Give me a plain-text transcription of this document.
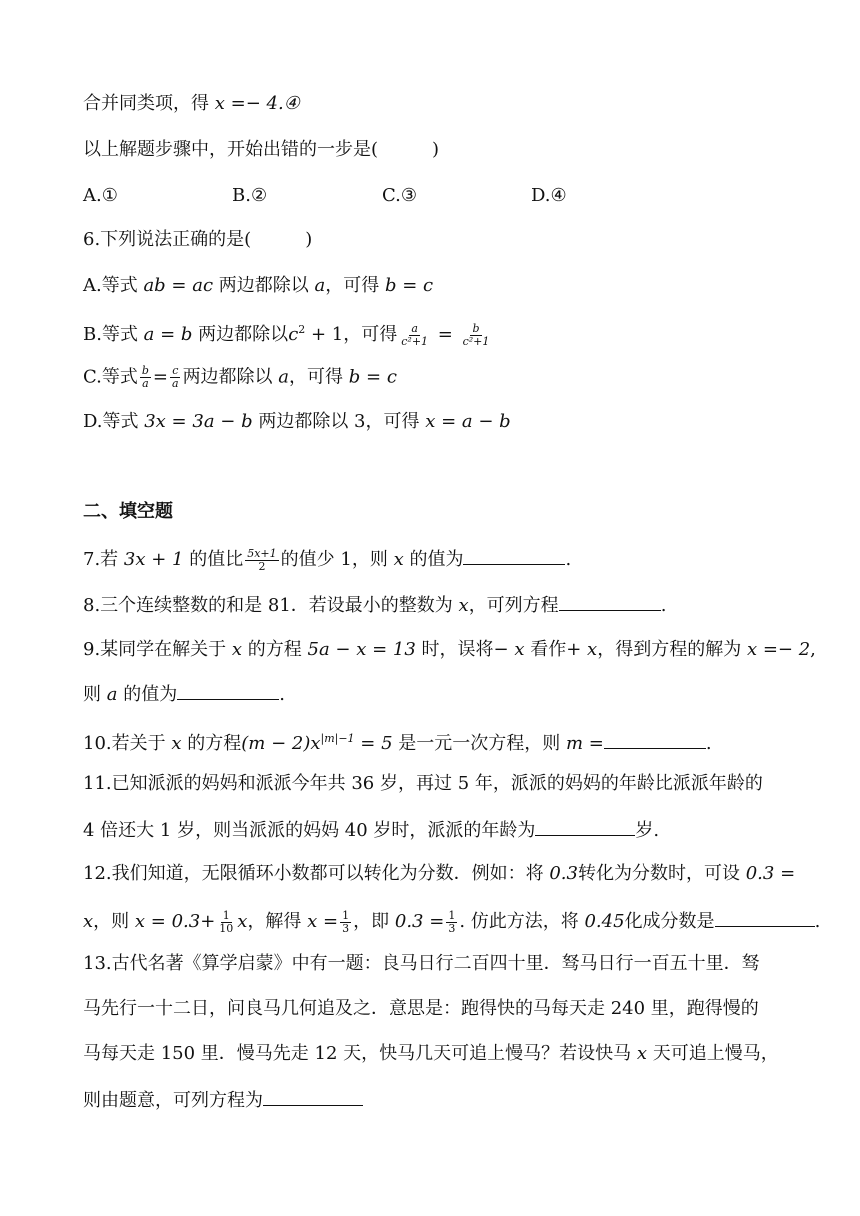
合并同类项，得 x =− 4.④
以上解题步骤中，开始出错的一步是(　　　)
A.①	B.②	C.③	D.④
6.下列说法正确的是(　　　)
A.等式 ab = ac 两边都除以 a，可得 b = c
B.等式 a = b 两边都除以$c^2 + 1$，可得 $\frac{a}{\text{c²+1}} = \frac{b}{\text{c²+1}}$
C.等式 $\frac{b}{a} = \frac{c}{a}$ 两边都除以 a，可得 b = c
D.等式 3x = 3a − b 两边都除以 3，可得 x = a − b
二、填空题
7.若 3x + 1 的值比 $\frac{5x+1}{2}$ 的值少 1，则 x 的值为	.
8.三个连续整数的和是 81．若设最小的整数为 x，可列方程	.
9.某同学在解关于 x 的方程 5a − x = 13 时，误将− x 看作+ x，得到方程的解为 x =− 2,
则 a 的值为	.
10.若关于 x 的方程$(m - 2)x^{|m|-1} = 5$ 是一元一次方程，则 m =	.
11.已知派派的妈妈和派派今年共 36 岁，再过 5 年，派派的妈妈的年龄比派派年龄的
4 倍还大 1 岁，则当派派的妈妈 40 岁时，派派的年龄为	岁.
12.我们知道，无限循环小数都可以转化为分数．例如：将 0.3转化为分数时，可设 0.3 =
x，则 $x = 0.3+ \frac{1}{10}$ x，解得 $x = \frac{1}{3}$ ，即 $0.3 = \frac{1}{3}$ . 仿此方法，将 0.45化成分数是	.
13.古代名著《算学启蒙》中有一题：良马日行二百四十里．驽马日行一百五十里．驽
马先行一十二日，问良马几何追及之．意思是：跑得快的马每天走 240 里，跑得慢的
马每天走 150 里．慢马先走 12 天，快马几天可追上慢马？若设快马 x 天可追上慢马，
则由题意，可列方程为
